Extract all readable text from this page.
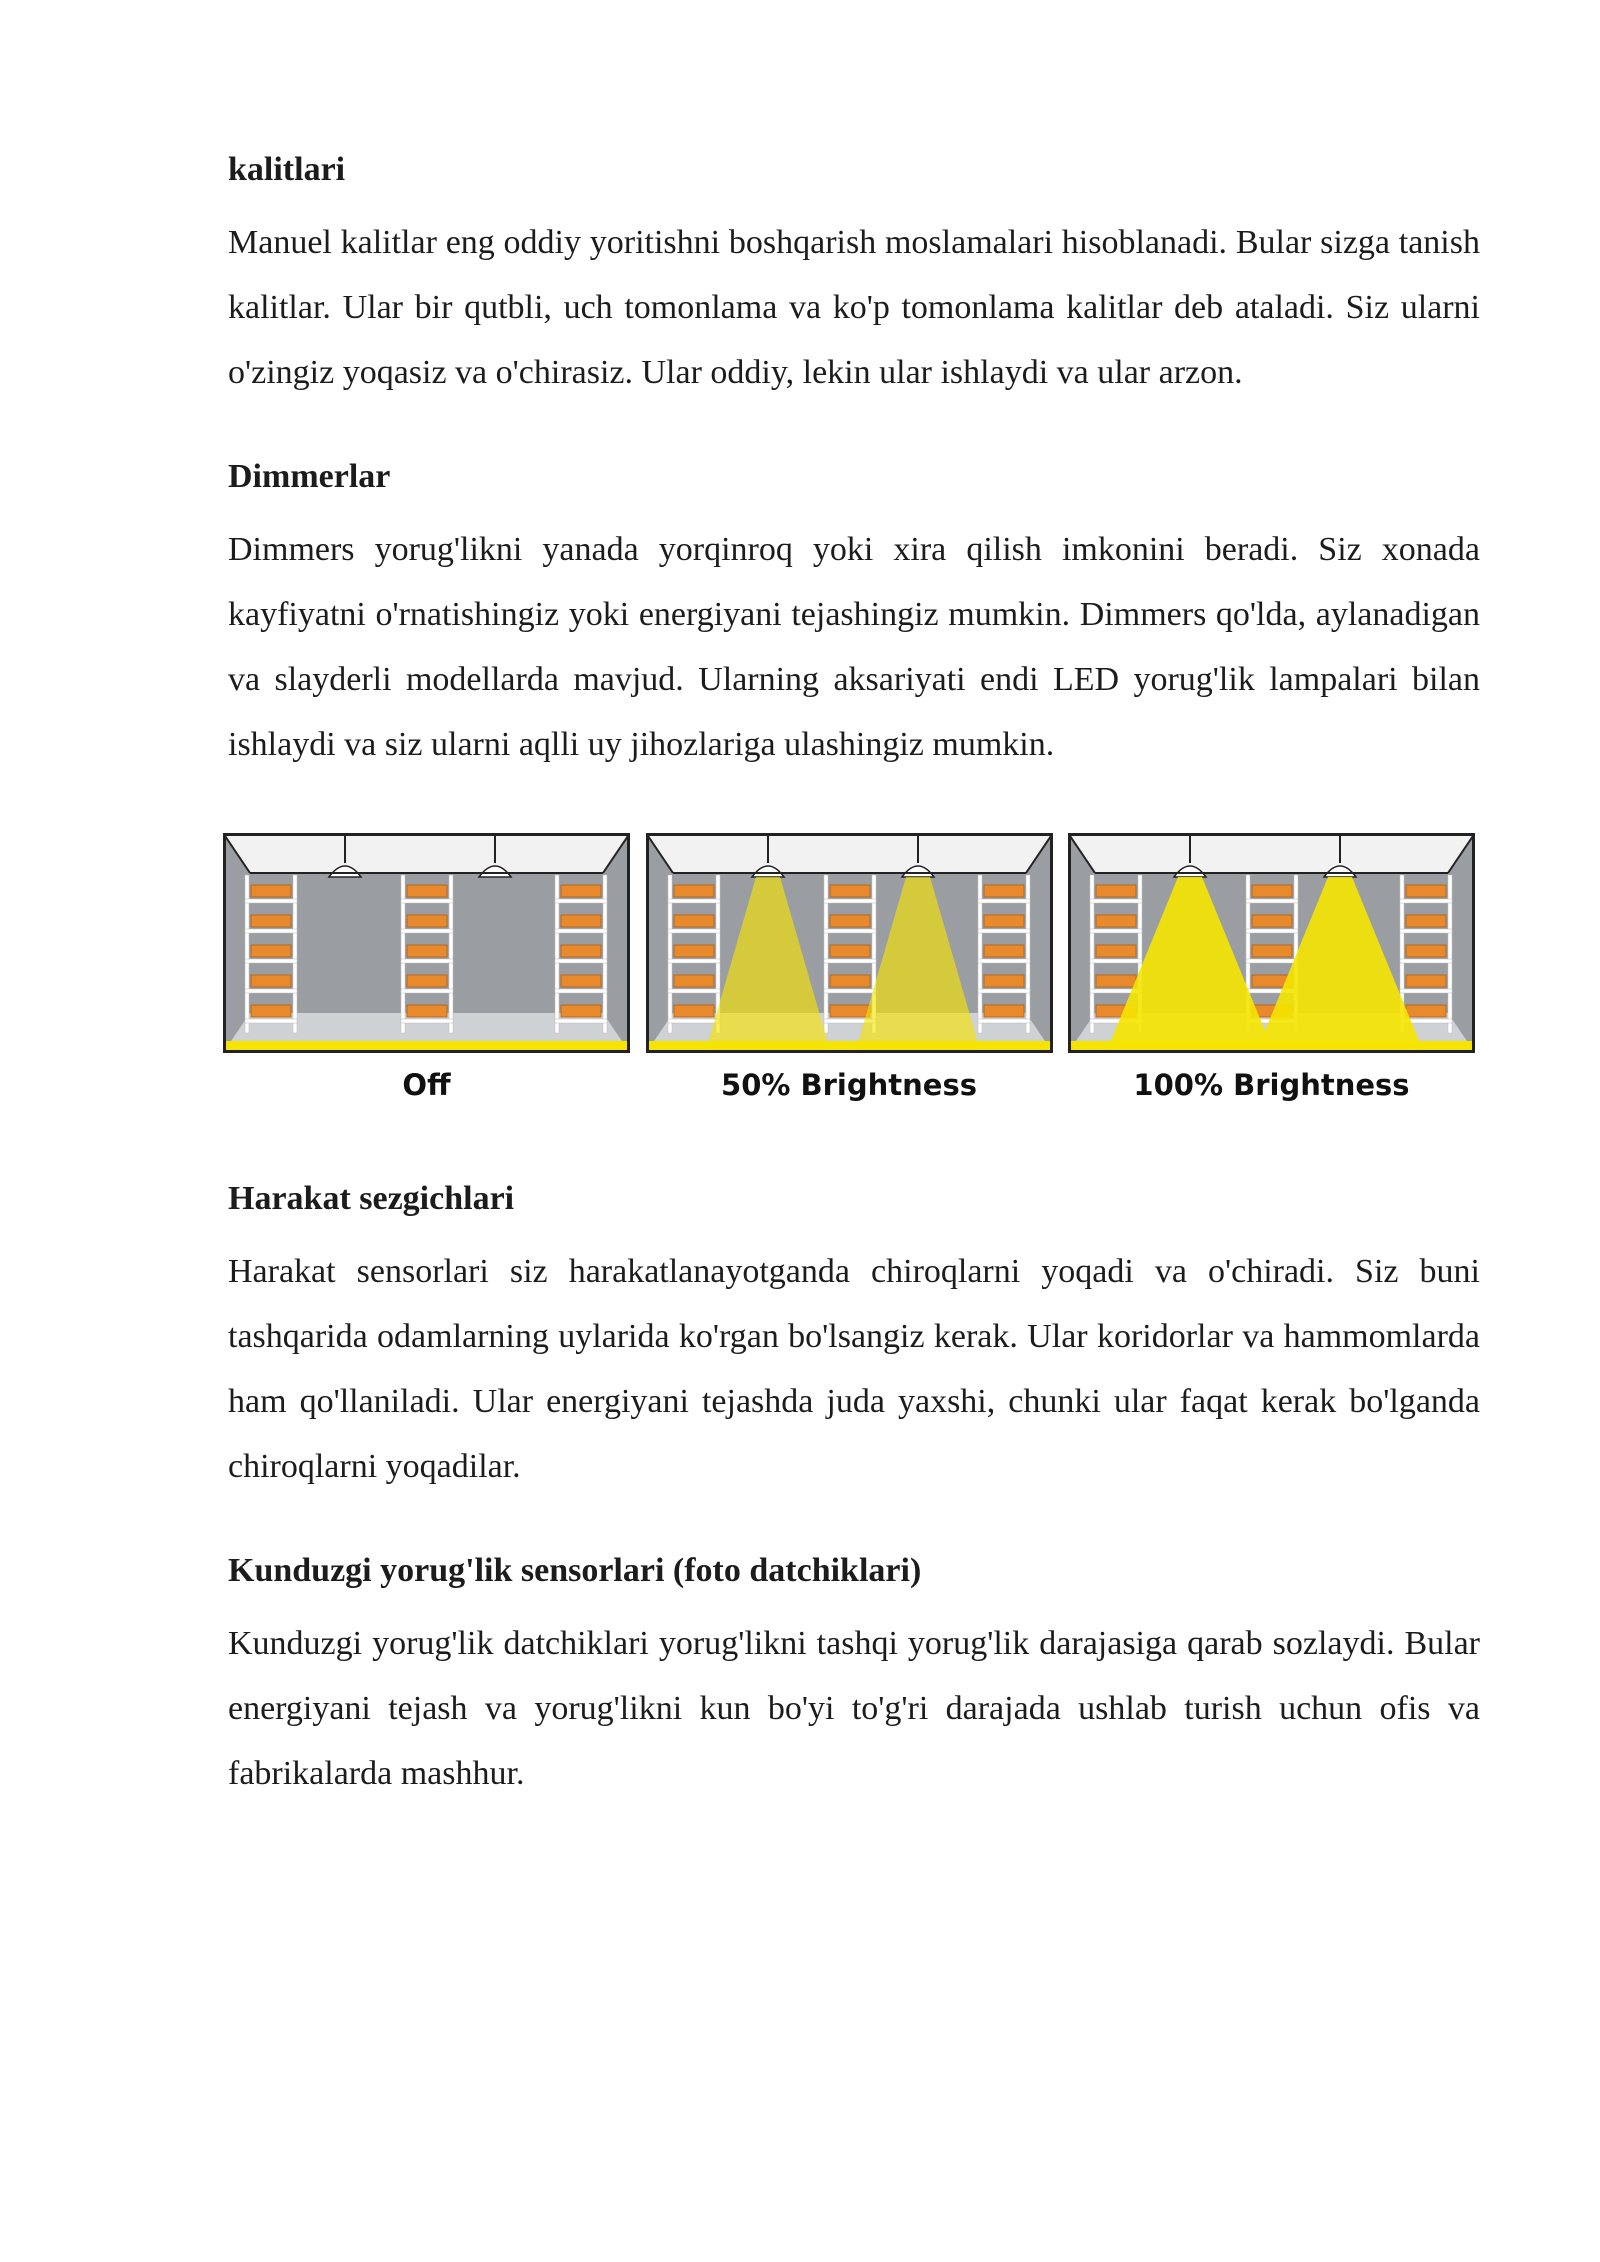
kalitlari

Manuel kalitlar eng oddiy yoritishni boshqarish moslamalari hisoblanadi. Bular sizga tanish kalitlar. Ular bir qutbli, uch tomonlama va ko'p tomonlama kalitlar deb ataladi. Siz ularni o'zingiz yoqasiz va o'chirasiz. Ular oddiy, lekin ular ishlaydi va ular arzon.

Dimmerlar

Dimmers yorug'likni yanada yorqinroq yoki xira qilish imkonini beradi. Siz xonada kayfiyatni o'rnatishingiz yoki energiyani tejashingiz mumkin. Dimmers qo'lda, aylanadigan va slayderli modellarda mavjud. Ularning aksariyati endi LED yorug'lik lampalari bilan ishlaydi va siz ularni aqlli uy jihozlariga ulashingiz mumkin.

Off	50% Brightness	100% Brightness
Harakat sezgichlari

Harakat sensorlari siz harakatlanayotganda chiroqlarni yoqadi va o'chiradi. Siz buni tashqarida odamlarning uylarida ko'rgan bo'lsangiz kerak. Ular koridorlar va hammomlarda ham qo'llaniladi. Ular energiyani tejashda juda yaxshi, chunki ular faqat kerak bo'lganda chiroqlarni yoqadilar.

Kunduzgi yorug'lik sensorlari (foto datchiklari)

Kunduzgi yorug'lik datchiklari yorug'likni tashqi yorug'lik darajasiga qarab sozlaydi. Bular energiyani tejash va yorug'likni kun bo'yi to'g'ri darajada ushlab turish uchun ofis va fabrikalarda mashhur.
